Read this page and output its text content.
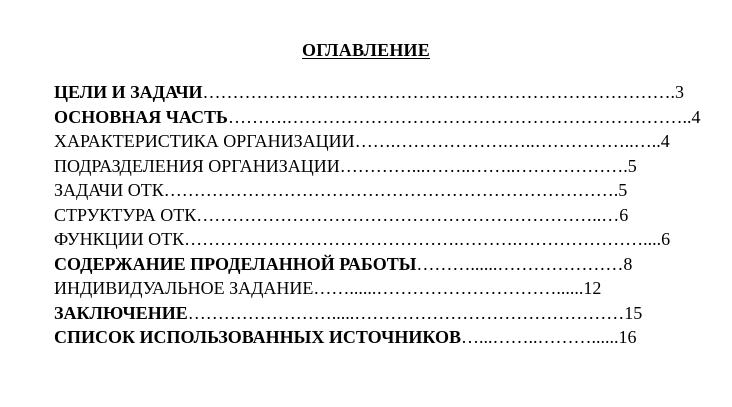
ОГЛАВЛЕНИЕ
ЦЕЛИ И ЗАДАЧИ…………………………………………………………………….3
ОСНОВНАЯ ЧАСТЬ……….…………………………………………………………..4
ХАРАКТЕРИСТИКА ОРГАНИЗАЦИИ…….……………….…..……………..…..4
ПОДРАЗДЕЛЕНИЯ ОРГАНИЗАЦИИ…………...……..……..……………….5
ЗАДАЧИ ОТК………………………………………………………………….5
СТРУКТУРА ОТК…………………………………………………………..…6
ФУНКЦИИ ОТК……………………………………….……….…………………....6
СОДЕРЖАНИЕ ПРОДЕЛАННОЙ РАБОТЫ………......…………………8
ИНДИВИДУАЛЬНОЕ ЗАДАНИЕ……......…………………………......12
ЗАКЛЮЧЕНИЕ…………………….....………………………………………15
СПИСОК ИСПОЛЬЗОВАННЫХ ИСТОЧНИКОВ…...……..………......16
